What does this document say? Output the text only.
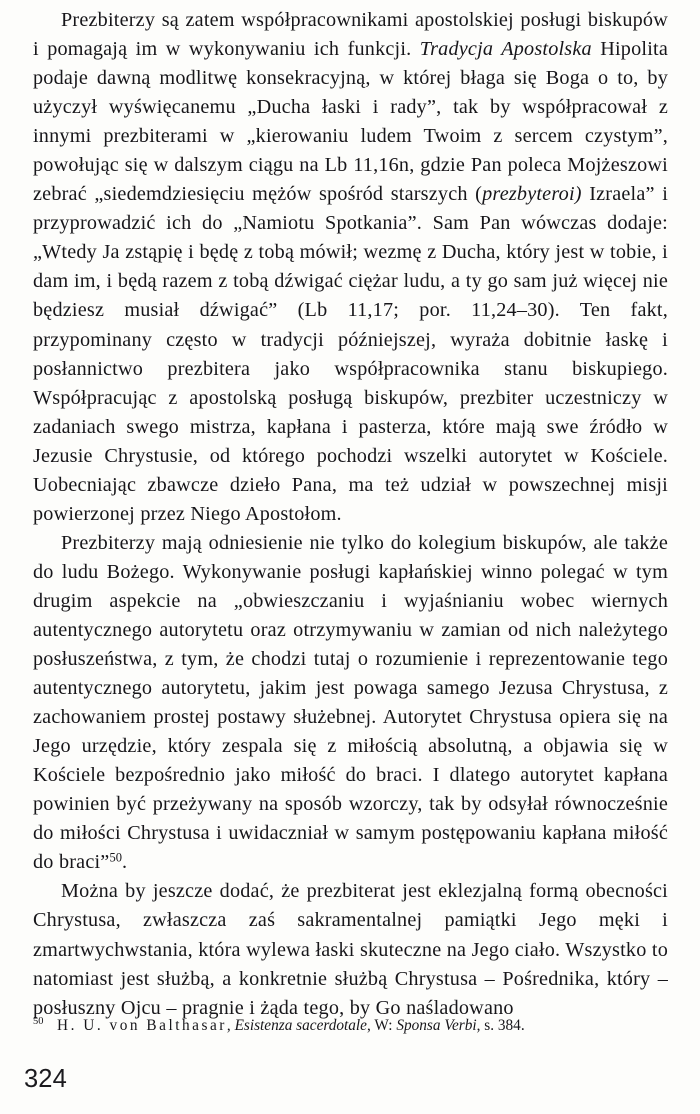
Prezbiterzy są zatem współpracownikami apostolskiej posługi biskupów i pomagają im w wykonywaniu ich funkcji. Tradycja Apostolska Hipolita podaje dawną modlitwę konsekracyjną, w której błaga się Boga o to, by użyczył wyświęcanemu „Ducha łaski i rady”, tak by współpracował z innymi prezbiterami w „kierowaniu ludem Twoim z sercem czystym”, powołując się w dalszym ciągu na Lb 11,16n, gdzie Pan poleca Mojżeszowi zebrać „siedemdziesięciu mężów spośród starszych (prezbyteroi) Izraela” i przyprowadzić ich do „Namiotu Spotkania”. Sam Pan wówczas dodaje: „Wtedy Ja zstąpię i będę z tobą mówił; wezmę z Ducha, który jest w tobie, i dam im, i będą razem z tobą dźwigać ciężar ludu, a ty go sam już więcej nie będziesz musiał dźwigać” (Lb 11,17; por. 11,24–30). Ten fakt, przypominany często w tradycji późniejszej, wyraża dobitnie łaskę i posłannictwo prezbitera jako współpracownika stanu biskupiego. Współpracując z apostolską posługą biskupów, prezbiter uczestniczy w zadaniach swego mistrza, kapłana i pasterza, które mają swe źródło w Jezusie Chrystusie, od którego pochodzi wszelki autorytet w Kościele. Uobecniając zbawcze dzieło Pana, ma też udział w powszechnej misji powierzonej przez Niego Apostołom.

Prezbiterzy mają odniesienie nie tylko do kolegium biskupów, ale także do ludu Bożego. Wykonywanie posługi kapłańskiej winno polegać w tym drugim aspekcie na „obwieszczaniu i wyjaśnianiu wobec wiernych autentycznego autorytetu oraz otrzymywaniu w zamian od nich należytego posłuszeństwa, z tym, że chodzi tutaj o rozumienie i reprezentowanie tego autentycznego autorytetu, jakim jest powaga samego Jezusa Chrystusa, z zachowaniem prostej postawy służebnej. Autorytet Chrystusa opiera się na Jego urzędzie, który zespala się z miłością absolutną, a objawia się w Kościele bezpośrednio jako miłość do braci. I dlatego autorytet kapłana powinien być przeżywany na sposób wzorczy, tak by odsyłał równocześnie do miłości Chrystusa i uwidaczniał w samym postępowaniu kapłana miłość do braci”$^{50}$.

Można by jeszcze dodać, że prezbiterat jest eklezjalną formą obecności Chrystusa, zwłaszcza zaś sakramentalnej pamiątki Jego męki i zmartwychwstania, która wylewa łaski skuteczne na Jego ciało. Wszystko to natomiast jest służbą, a konkretnie służbą Chrystusa – Pośrednika, który – posłuszny Ojcu – pragnie i żąda tego, by Go naśladowano

50 H. U. von Balthasar, Esistenza sacerdotale, W: Sponsa Verbi, s. 384.

324
